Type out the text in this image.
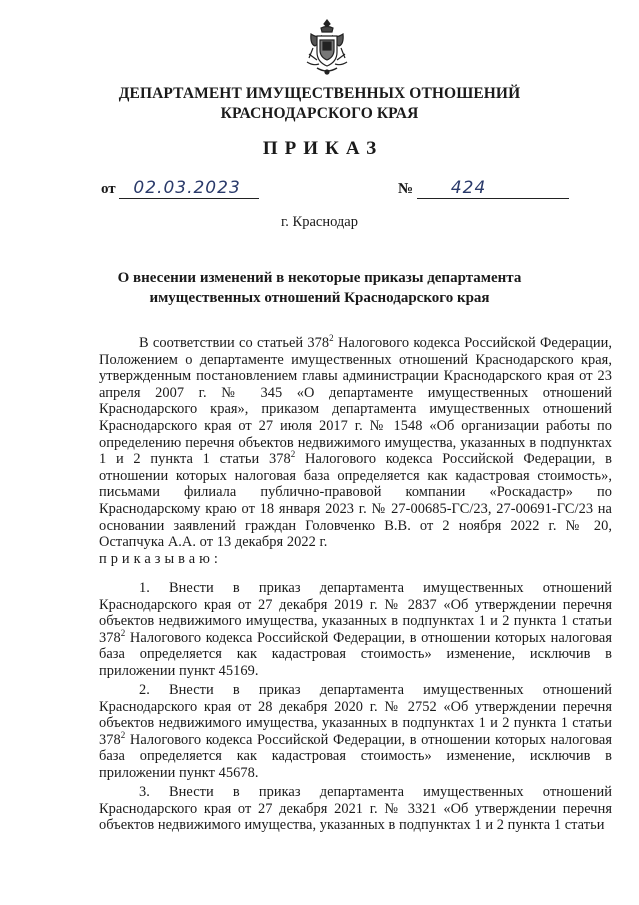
ДЕПАРТАМЕНТ ИМУЩЕСТВЕННЫХ ОТНОШЕНИЙ
КРАСНОДАРСКОГО КРАЯ
ПРИКАЗ
от 02.03.2023	№ 424
г. Краснодар
О внесении изменений в некоторые приказы департамента
имущественных отношений Краснодарского края

В соответствии со статьей $378^2$ Налогового кодекса Российской Федерации, Положением о департаменте имущественных отношений Краснодарского края, утвержденным постановлением главы администрации Краснодарского края от 23 апреля 2007 г. № 345 «О департаменте имущественных отношений Краснодарского края», приказом департамента имущественных отношений Краснодарского края от 27 июля 2017 г. № 1548 «Об организации работы по определению перечня объектов недвижимого имущества, указанных в подпунктах 1 и 2 пункта 1 статьи $378^2$ Налогового кодекса Российской Федерации, в отношении которых налоговая база определяется как кадастровая стоимость», письмами филиала публично-правовой компании «Роскадастр» по Краснодарскому краю от 18 января 2023 г. № 27-00685-ГС/23, 27-00691-ГС/23 на основании заявлений граждан Головченко В.В. от 2 ноября 2022 г. № 20, Остапчука А.А. от 13 декабря 2022 г.

приказываю:

1. Внести в приказ департамента имущественных отношений Краснодарского края от 27 декабря 2019 г. № 2837 «Об утверждении перечня объектов недвижимого имущества, указанных в подпунктах 1 и 2 пункта 1 статьи $378^2$ Налогового кодекса Российской Федерации, в отношении которых налоговая база определяется как кадастровая стоимость» изменение, исключив в приложении пункт 45169.

2. Внести в приказ департамента имущественных отношений Краснодарского края от 28 декабря 2020 г. № 2752 «Об утверждении перечня объектов недвижимого имущества, указанных в подпунктах 1 и 2 пункта 1 статьи $378^2$ Налогового кодекса Российской Федерации, в отношении которых налоговая база определяется как кадастровая стоимость» изменение, исключив в приложении пункт 45678.

3. Внести в приказ департамента имущественных отношений Краснодарского края от 27 декабря 2021 г. № 3321 «Об утверждении перечня объектов недвижимого имущества, указанных в подпунктах 1 и 2 пункта 1 статьи
